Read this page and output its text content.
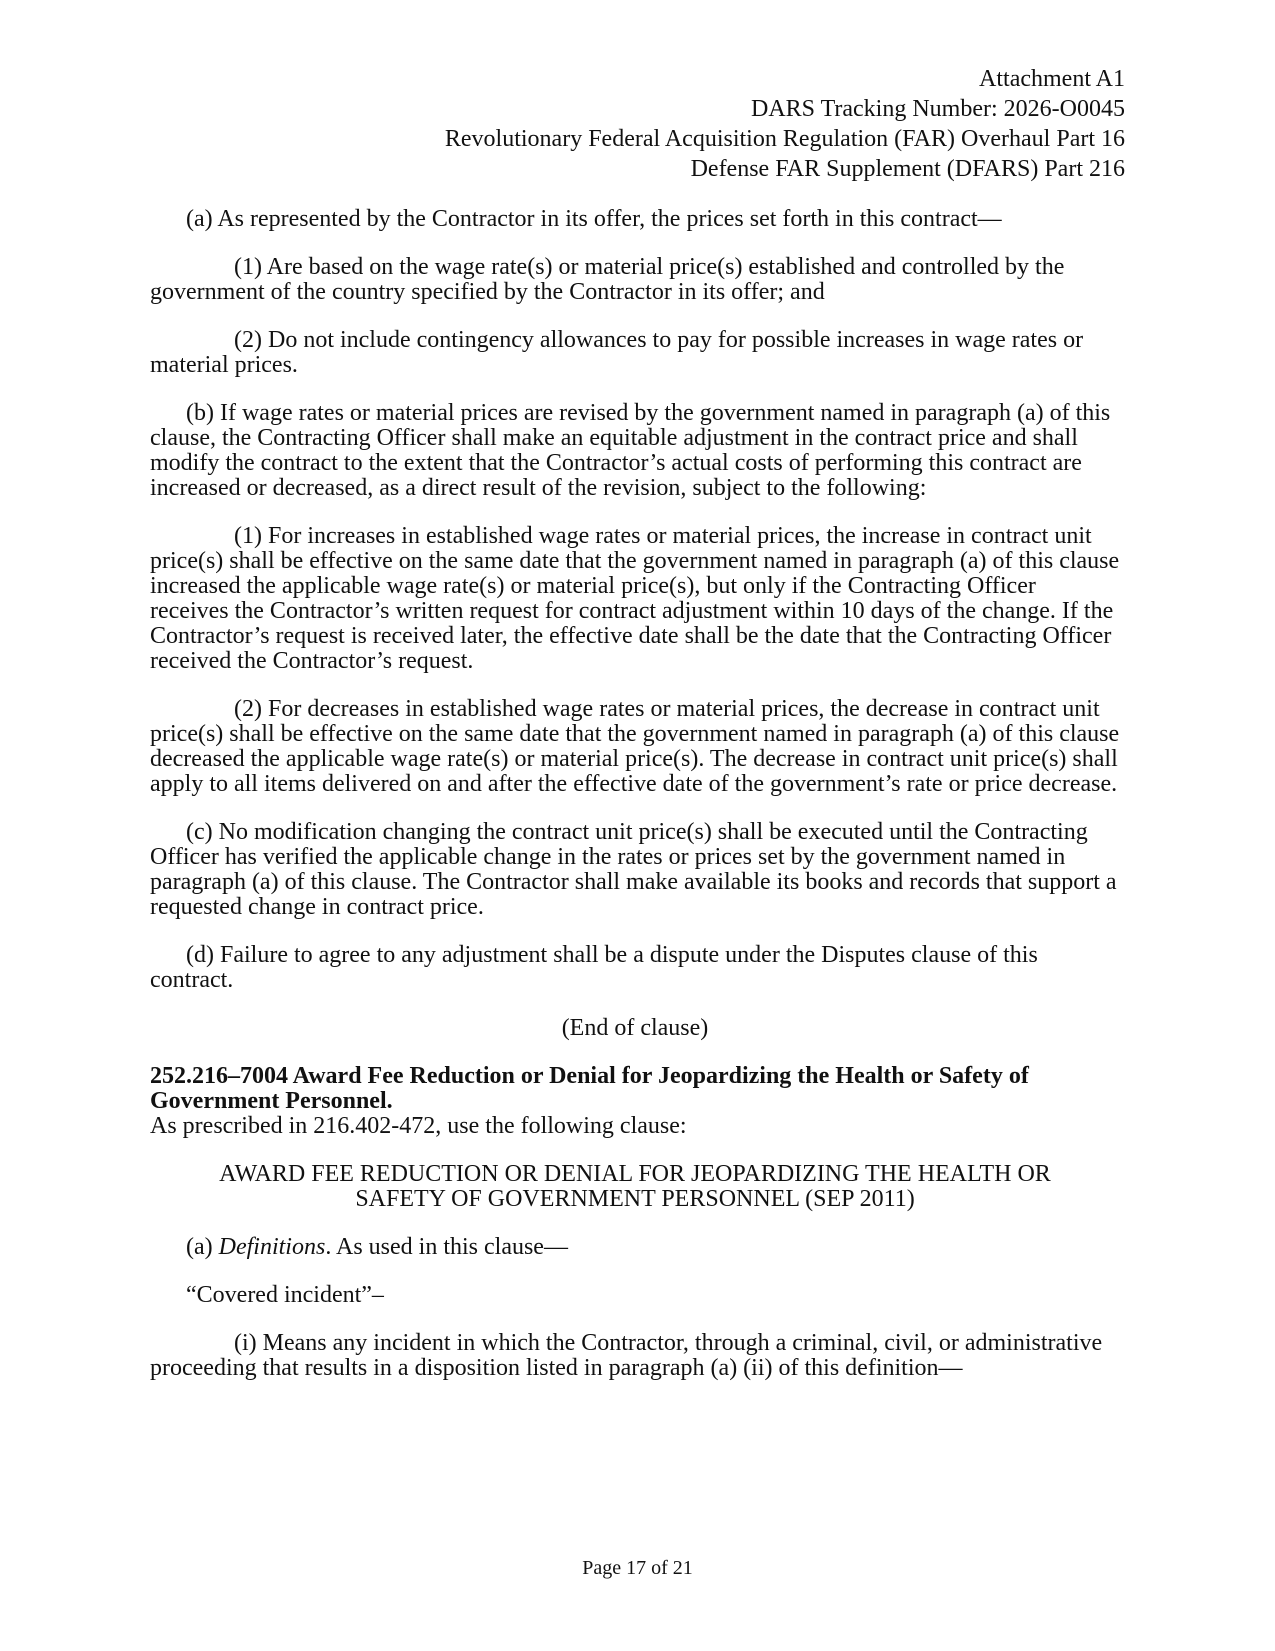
Attachment A1
DARS Tracking Number: 2026-O0045
Revolutionary Federal Acquisition Regulation (FAR) Overhaul Part 16
Defense FAR Supplement (DFARS) Part 216

(a) As represented by the Contractor in its offer, the prices set forth in this contract—

(1) Are based on the wage rate(s) or material price(s) established and controlled by the government of the country specified by the Contractor in its offer; and

(2) Do not include contingency allowances to pay for possible increases in wage rates or material prices.

(b) If wage rates or material prices are revised by the government named in paragraph (a) of this clause, the Contracting Officer shall make an equitable adjustment in the contract price and shall modify the contract to the extent that the Contractor’s actual costs of performing this contract are increased or decreased, as a direct result of the revision, subject to the following:

(1) For increases in established wage rates or material prices, the increase in contract unit price(s) shall be effective on the same date that the government named in paragraph (a) of this clause increased the applicable wage rate(s) or material price(s), but only if the Contracting Officer receives the Contractor’s written request for contract adjustment within 10 days of the change. If the Contractor’s request is received later, the effective date shall be the date that the Contracting Officer received the Contractor’s request.

(2) For decreases in established wage rates or material prices, the decrease in contract unit price(s) shall be effective on the same date that the government named in paragraph (a) of this clause decreased the applicable wage rate(s) or material price(s). The decrease in contract unit price(s) shall apply to all items delivered on and after the effective date of the government’s rate or price decrease.

(c) No modification changing the contract unit price(s) shall be executed until the Contracting Officer has verified the applicable change in the rates or prices set by the government named in paragraph (a) of this clause. The Contractor shall make available its books and records that support a requested change in contract price.

(d) Failure to agree to any adjustment shall be a dispute under the Disputes clause of this contract.

(End of clause)

252.216–7004 Award Fee Reduction or Denial for Jeopardizing the Health or Safety of Government Personnel.

As prescribed in 216.402-472, use the following clause:

AWARD FEE REDUCTION OR DENIAL FOR JEOPARDIZING THE HEALTH OR
SAFETY OF GOVERNMENT PERSONNEL (SEP 2011)

(a) Definitions. As used in this clause—

“Covered incident”–

(i) Means any incident in which the Contractor, through a criminal, civil, or administrative proceeding that results in a disposition listed in paragraph (a) (ii) of this definition—

Page 17 of 21
